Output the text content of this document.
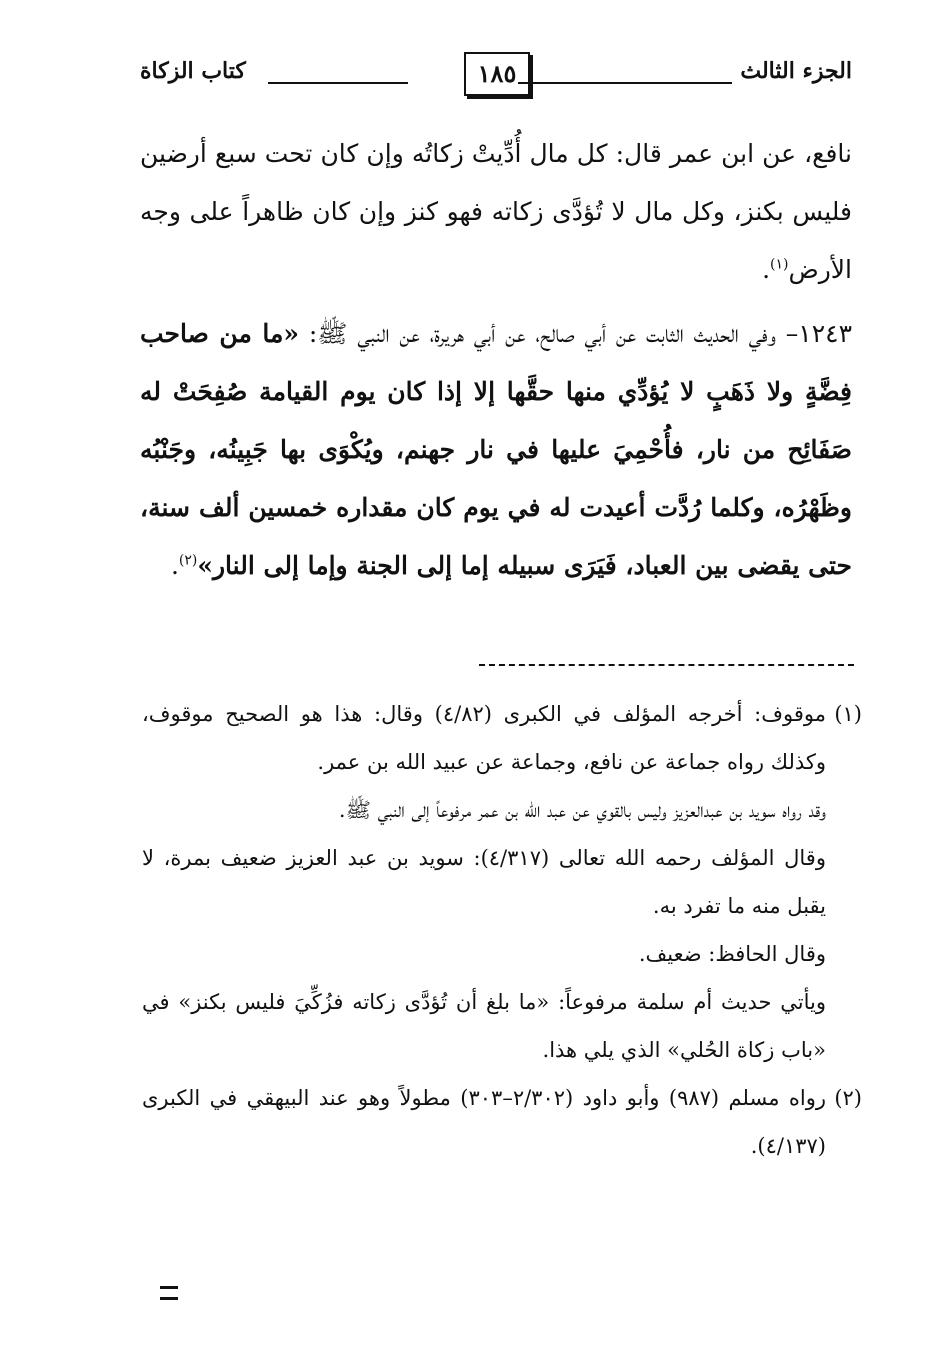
الجزء الثالث
١٨٥
كتاب الزكاة

نافع، عن ابن عمر قال: كل مال أُدِّيتْ زكاتُه وإن كان تحت سبع أرضين فليس بكنز، وكل مال لا تُؤدَّى زكاته فهو كنز وإن كان ظاهراً على وجه الأرض$^{(١)}$.

١٢٤٣– وفي الحديث الثابت عن أبي صالح، عن أبي هريرة، عن النبي ﷺ: «ما من صاحب فِضَّةٍ ولا ذَهَبٍ لا يُؤدِّي منها حقَّها إلا إذا كان يوم القيامة صُفِحَتْ له صَفَائِح من نار، فأُحْمِيَ عليها في نار جهنم، ويُكْوَى بها جَبِينُه، وجَنْبُه وظَهْرُه، وكلما رُدَّت أعيدت له في يوم كان مقداره خمسين ألف سنة، حتى يقضى بين العباد، فَيَرَى سبيله إما إلى الجنة وإما إلى النار»$^{(٢)}$.

(١)
موقوف: أخرجه المؤلف في الكبرى (٤/٨٢) وقال: هذا هو الصحيح موقوف، وكذلك رواه جماعة عن نافع، وجماعة عن عبيد الله بن عمر.
وقد رواه سويد بن عبدالعزيز وليس بالقوي عن عبد الله بن عمر مرفوعاً إلى النبي ﷺ.
وقال المؤلف رحمه الله تعالى (٤/٣١٧): سويد بن عبد العزيز ضعيف بمرة، لا يقبل منه ما تفرد به.
وقال الحافظ: ضعيف.
ويأتي حديث أم سلمة مرفوعاً: «ما بلغ أن تُؤدَّى زكاته فزُكِّيَ فليس بكنز» في «باب زكاة الحُلي» الذي يلي هذا.
(٢)
رواه مسلم (٩٨٧) وأبو داود (٢/٣٠٢–٣٠٣) مطولاً وهو عند البيهقي في الكبرى (٤/١٣٧).
